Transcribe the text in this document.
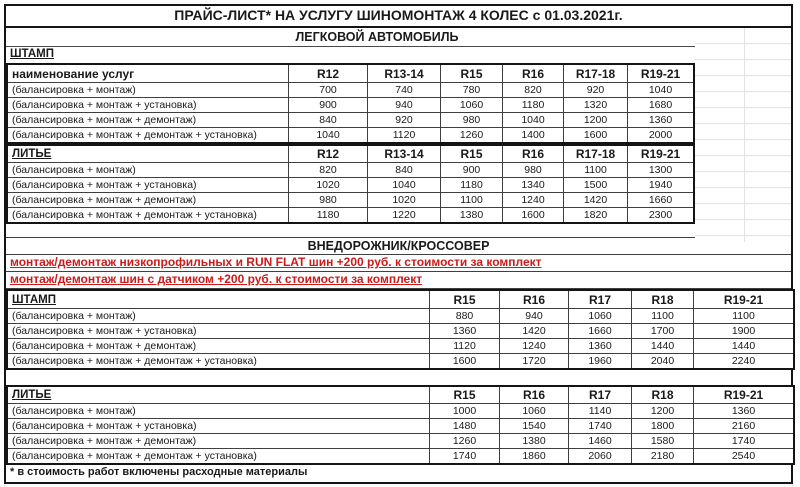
ПРАЙС-ЛИСТ* НА УСЛУГУ ШИНОМОНТАЖ 4 КОЛЕС с 01.03.2021г.
ЛЕГКОВОЙ АВТОМОБИЛЬ
ШТАМП
наименование услуг	R12	R13-14	R15	R16	R17-18	R19-21
(балансировка + монтаж)	700	740	780	820	920	1040
(балансировка + монтаж + установка)	900	940	1060	1180	1320	1680
(балансировка + монтаж + демонтаж)	840	920	980	1040	1200	1360
(балансировка + монтаж + демонтаж + установка)	1040	1120	1260	1400	1600	2000
ЛИТЬЕ	R12	R13-14	R15	R16	R17-18	R19-21
(балансировка + монтаж)	820	840	900	980	1100	1300
(балансировка + монтаж + установка)	1020	1040	1180	1340	1500	1940
(балансировка + монтаж + демонтаж)	980	1020	1100	1240	1420	1660
(балансировка + монтаж + демонтаж + установка)	1180	1220	1380	1600	1820	2300
ВНЕДОРОЖНИК/КРОССОВЕР
монтаж/демонтаж низкопрофильных и RUN FLAT шин +200 руб. к стоимости за комплект
монтаж/демонтаж шин с датчиком +200 руб. к стоимости за комплект
ШТАМП	R15	R16	R17	R18	R19-21
(балансировка + монтаж)	880	940	1060	1100	1100
(балансировка + монтаж + установка)	1360	1420	1660	1700	1900
(балансировка + монтаж + демонтаж)	1120	1240	1360	1440	1440
(балансировка + монтаж + демонтаж + установка)	1600	1720	1960	2040	2240
ЛИТЬЕ	R15	R16	R17	R18	R19-21
(балансировка + монтаж)	1000	1060	1140	1200	1360
(балансировка + монтаж + установка)	1480	1540	1740	1800	2160
(балансировка + монтаж + демонтаж)	1260	1380	1460	1580	1740
(балансировка + монтаж + демонтаж + установка)	1740	1860	2060	2180	2540
* в стоимость работ включены расходные материалы
